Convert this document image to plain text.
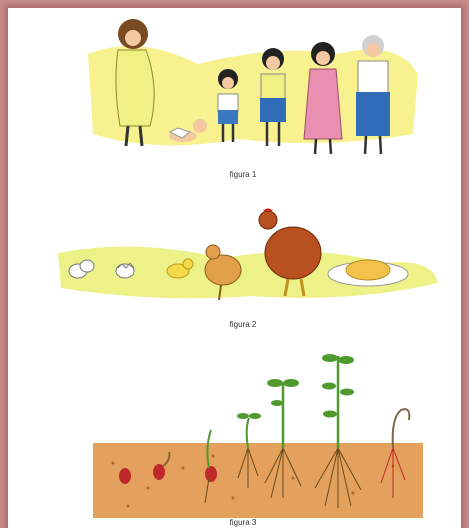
figura 1
figura 2
figura 3
